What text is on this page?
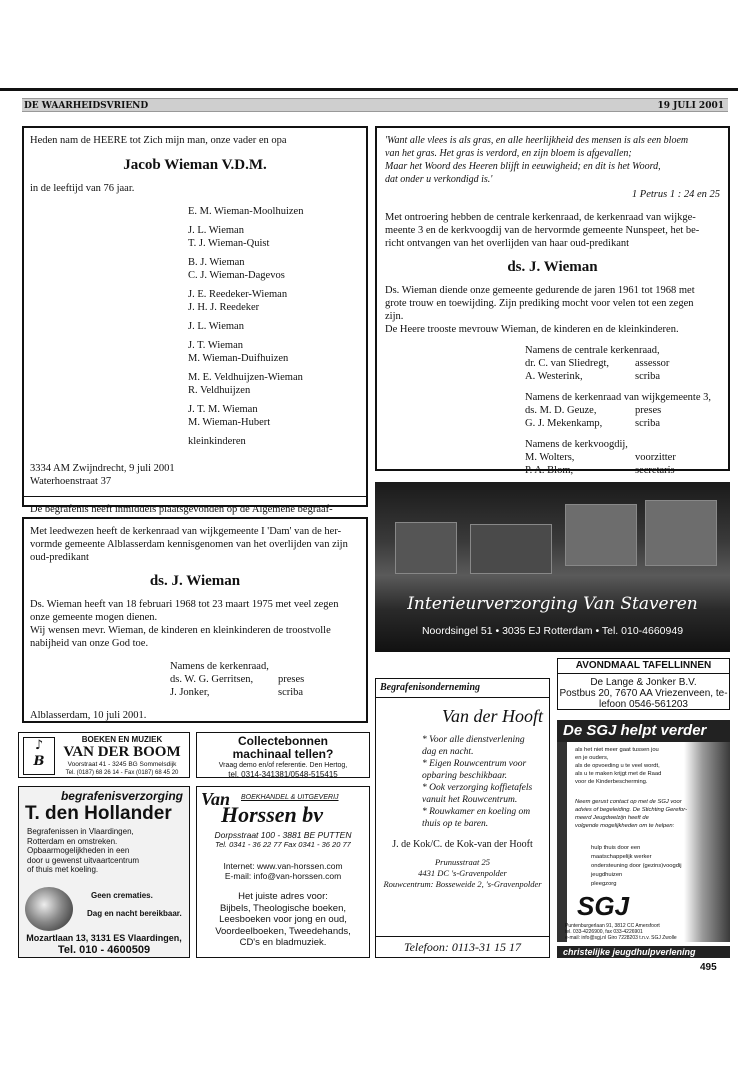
DE WAARHEIDSVRIEND	19 JULI 2001
Heden nam de HEERE tot Zich mijn man, onze vader en opa
Jacob Wieman V.D.M.
in de leeftijd van 76 jaar.
E. M. Wieman-Moolhuizen
J. L. Wieman
T. J. Wieman-Quist
B. J. Wieman
C. J. Wieman-Dagevos
J. E. Reedeker-Wieman
J. H. J. Reedeker
J. L. Wieman
J. T. Wieman
M. Wieman-Duifhuizen
M. E. Veldhuijzen-Wieman
R. Veldhuijzen
J. T. M. Wieman
M. Wieman-Hubert
kleinkinderen
3334 AM Zwijndrecht, 9 juli 2001
Waterhoenstraat 37
De begrafenis heeft inmiddels plaatsgevonden op de Algemene begraaf-
'Want alle vlees is als gras, en alle heerlijkheid des mensen is als een bloem
van het gras. Het gras is verdord, en zijn bloem is afgevallen;
Maar het Woord des Heeren blijft in eeuwigheid; en dit is het Woord,
dat onder u verkondigd is.'
1 Petrus 1 : 24 en 25
Met ontroering hebben de centrale kerkenraad, de kerkenraad van wijkge-
meente 3 en de kerkvoogdij van de hervormde gemeente Nunspeet, het be-
richt ontvangen van het overlijden van haar oud-predikant
ds. J. Wieman
Ds. Wieman diende onze gemeente gedurende de jaren 1961 tot 1968 met
grote trouw en toewijding. Zijn prediking mocht voor velen tot een zegen
zijn.
De Heere trooste mevrouw Wieman, de kinderen en de kleinkinderen.
Namens de centrale kerkenraad,
dr. C. van Sliedregt,	assessor
A. Westerink,	scriba
Namens de kerkenraad van wijkgemeente 3,
ds. M. D. Geuze,	preses
G. J. Mekenkamp,	scriba
Namens de kerkvoogdij,
M. Wolters,	voorzitter
P. A. Blom,	secretaris
Met leedwezen heeft de kerkenraad van wijkgemeente I 'Dam' van de her-
vormde gemeente Alblasserdam kennisgenomen van het overlijden van zijn
oud-predikant
ds. J. Wieman
Ds. Wieman heeft van 18 februari 1968 tot 23 maart 1975 met veel zegen
onze gemeente mogen dienen.
Wij wensen mevr. Wieman, de kinderen en kleinkinderen de troostvolle
nabijheid van onze God toe.
Namens de kerkenraad,
ds. W. G. Gerritsen,	preses
J. Jonker,	scriba
Alblasserdam, 10 juli 2001.
Interieurverzorging Van Staveren
Noordsingel 51 • 3035 EJ Rotterdam • Tel. 010-4660949
AVONDMAAL TAFELLINNEN
De Lange & Jonker B.V.
Postbus 20, 7670 AA Vriezenveen, te-
lefoon 0546-561203
Begrafenisonderneming
Van der Hooft
* Voor alle dienstverlening
dag en nacht.
* Eigen Rouwcentrum voor
opbaring beschikbaar.
* Ook verzorging koffietafels
vanuit het Rouwcentrum.
* Rouwkamer en koeling om
thuis op te baren.
J. de Kok/C. de Kok-van der Hooft
Prunusstraat 25
4431 DC 's-Gravenpolder
Rouwcentrum: Bosseweide 2, 's-Gravenpolder
Telefoon: 0113-31 15 17
De SGJ helpt verder
als het niet meer gaat tussen jou
en je ouders,
als de opvoeding u te veel wordt,
als u te maken krijgt met de Raad
voor de Kinderbescherming.
Neem gerust contact op met de SGJ voor
advies of begeleiding. De Stichting Gerefor-
meerd Jeugdwelzijn heeft de
volgende mogelijkheden om te helpen:
hulp thuis door een
maatschappelijk werker
ondersteuning door (gezins)voogdij
jeugdhuizen
pleegzorg
SGJ
Puntenburgerlaan 91, 3812 CC Amersfoort
tel. 033-4226900, fax 033-4226901
e-mail: info@sgj.nl Giro 7228203 t.n.v. SGJ Zwolle
christelijke jeugdhulpverlening
♪
B
BOEKEN EN MUZIEK
VAN DER BOOM
Voorstraat 41 - 3245 BG Sommelsdijk
Tel. (0187) 68 26 14 - Fax (0187) 68 45 20
Collectebonnen
machinaal tellen?
Vraag demo en/of referentie. Den Hertog,
tel. 0314-341381/0548-515415
begrafenisverzorging
T. den Hollander
Begrafenissen in Vlaardingen,
Rotterdam en omstreken.
Opbaarmogelijkheden in een
door u gewenst uitvaartcentrum
of thuis met koeling.
Geen crematies.
Dag en nacht bereikbaar.
Mozartlaan 13, 3131 ES Vlaardingen,
Tel. 010 - 4600509
Van BOEKHANDEL & UITGEVERIJ
Horssen bv
Dorpsstraat 100 - 3881 BE PUTTEN
Tel. 0341 - 36 22 77 Fax 0341 - 36 20 77
Internet: www.van-horssen.com
E-mail: info@van-horssen.com
Het juiste adres voor:
Bijbels, Theologische boeken,
Leesboeken voor jong en oud,
Voordeelboeken, Tweedehands,
CD's en bladmuziek.
495
